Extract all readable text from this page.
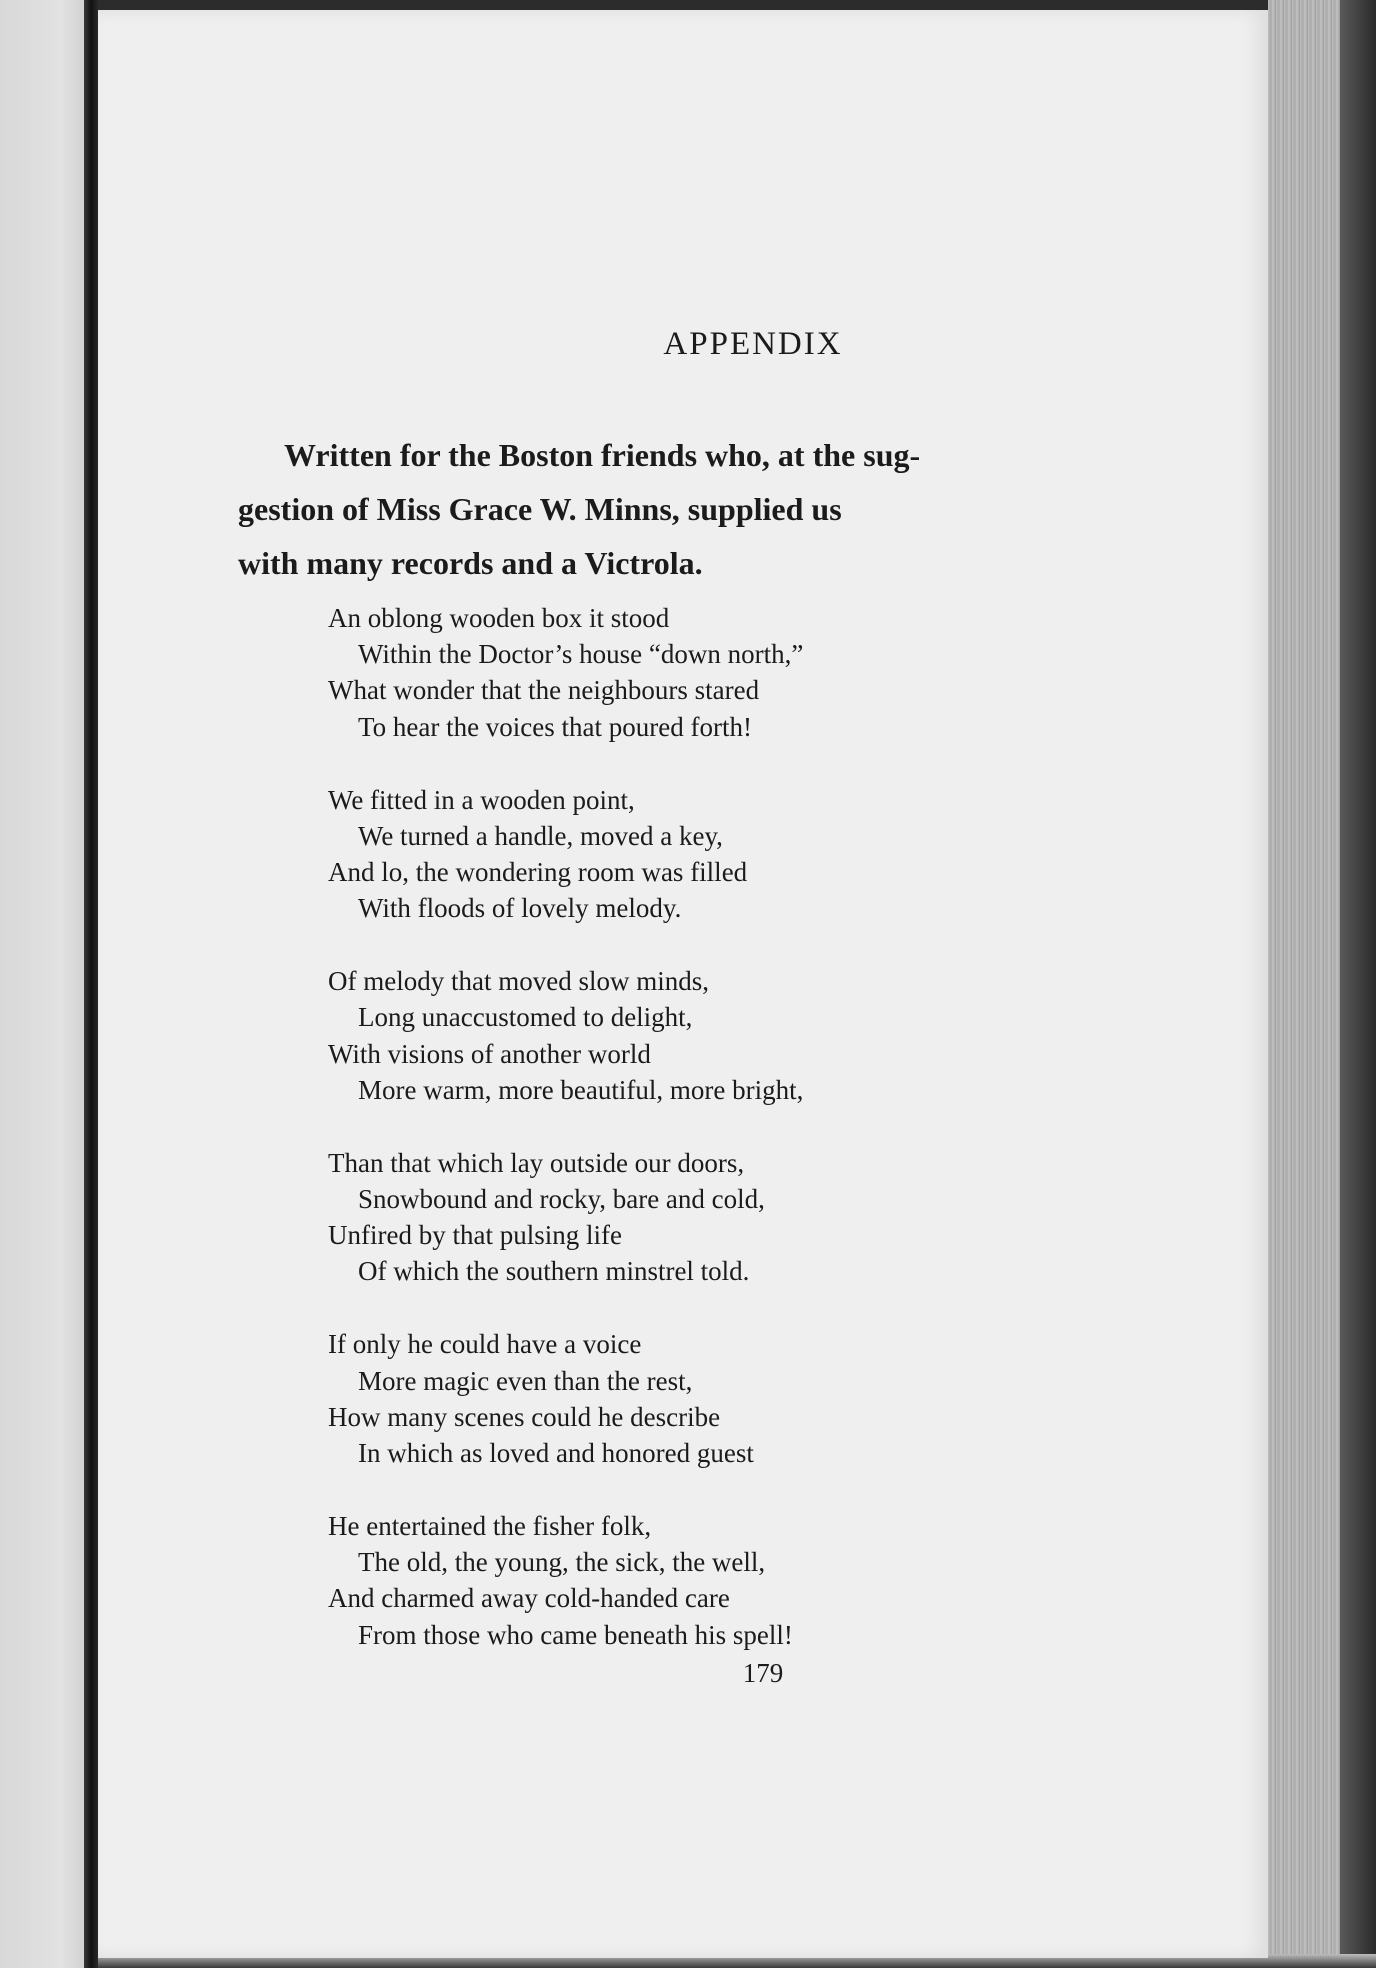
APPENDIX
Written for the Boston friends who, at the sug-
gestion of Miss Grace W. Minns, supplied us
with many records and a Victrola.
An oblong wooden box it stood
Within the Doctor’s house “down north,”
What wonder that the neighbours stared
To hear the voices that poured forth!
We fitted in a wooden point,
We turned a handle, moved a key,
And lo, the wondering room was filled
With floods of lovely melody.
Of melody that moved slow minds,
Long unaccustomed to delight,
With visions of another world
More warm, more beautiful, more bright,
Than that which lay outside our doors,
Snowbound and rocky, bare and cold,
Unfired by that pulsing life
Of which the southern minstrel told.
If only he could have a voice
More magic even than the rest,
How many scenes could he describe
In which as loved and honored guest
He entertained the fisher folk,
The old, the young, the sick, the well,
And charmed away cold-handed care
From those who came beneath his spell!
179
